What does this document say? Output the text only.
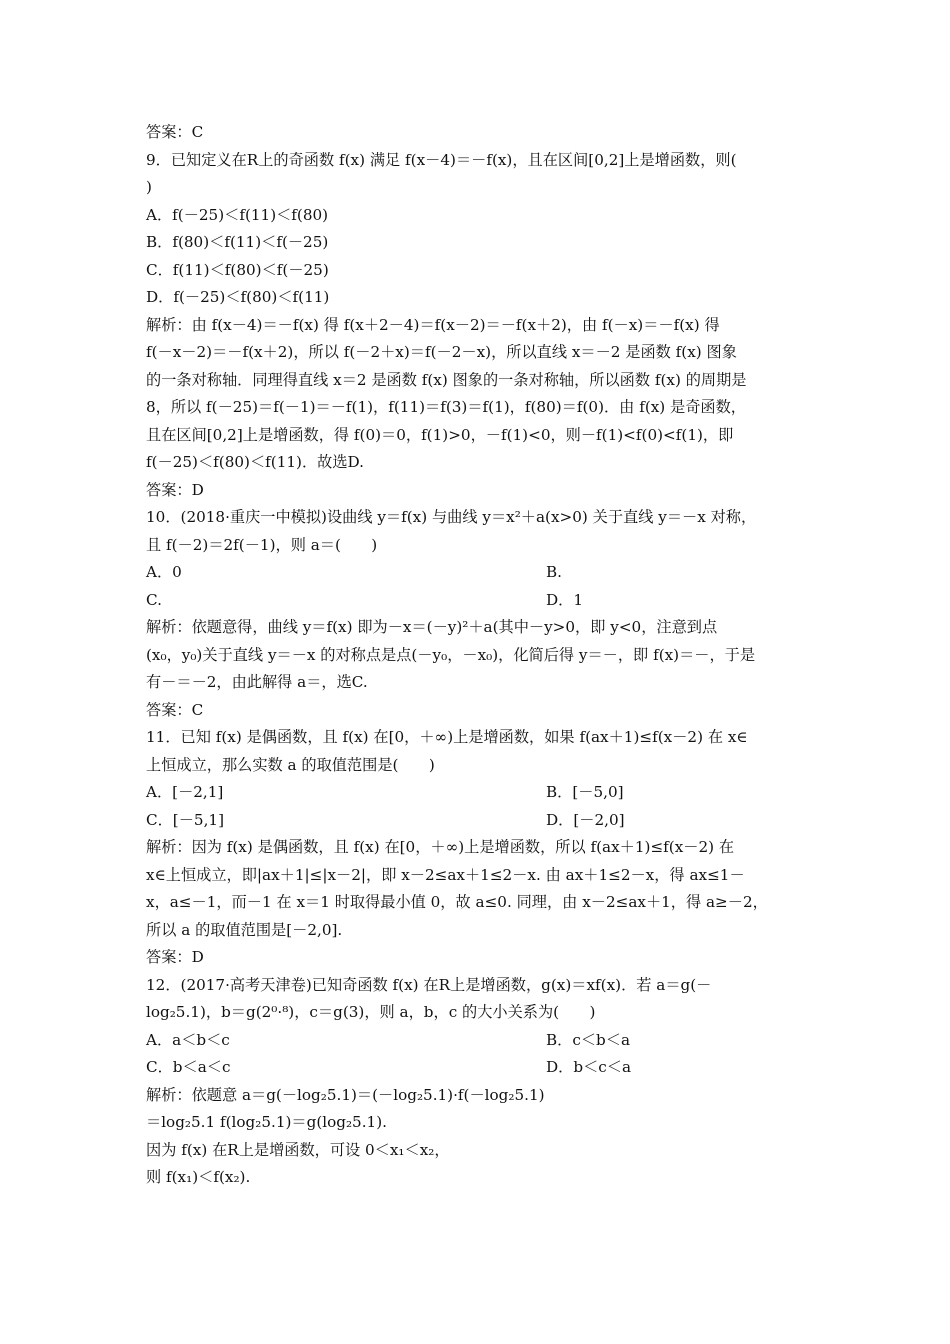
答案：C
9．已知定义在R上的奇函数 f(x) 满足 f(x－4)＝－f(x)，且在区间[0,2]上是增函数，则(
)
A．f(－25)＜f(11)＜f(80)
B．f(80)＜f(11)＜f(－25)
C．f(11)＜f(80)＜f(－25)
D．f(－25)＜f(80)＜f(11)
解析：由 f(x－4)＝－f(x) 得 f(x＋2－4)＝f(x－2)＝－f(x＋2)，由 f(－x)＝－f(x) 得
f(－x－2)＝－f(x＋2)，所以 f(－2＋x)＝f(－2－x)，所以直线 x＝－2 是函数 f(x) 图象
的一条对称轴．同理得直线 x＝2 是函数 f(x) 图象的一条对称轴，所以函数 f(x) 的周期是
8，所以 f(－25)＝f(－1)＝－f(1)，f(11)＝f(3)＝f(1)，f(80)＝f(0)．由 f(x) 是奇函数，
且在区间[0,2]上是增函数，得 f(0)＝0，f(1)>0，－f(1)<0，则－f(1)<f(0)<f(1)，即
f(－25)＜f(80)＜f(11)．故选D.
答案：D
10．(2018·重庆一中模拟)设曲线 y＝f(x) 与曲线 y＝x²＋a(x>0) 关于直线 y＝－x 对称，
且 f(－2)＝2f(－1)，则 a＝(　　)
A．0	B.
C.	D．1
解析：依题意得，曲线 y＝f(x) 即为－x＝(－y)²＋a(其中－y>0，即 y<0，注意到点
(x₀，y₀)关于直线 y＝－x 的对称点是点(－y₀，－x₀)，化简后得 y＝－，即 f(x)＝－，于是
有－＝－2，由此解得 a＝，选C.
答案：C
11．已知 f(x) 是偶函数，且 f(x) 在[0，＋∞)上是增函数，如果 f(ax＋1)≤f(x－2) 在 x∈
上恒成立，那么实数 a 的取值范围是(　　)
A．[－2,1]	B．[－5,0]
C．[－5,1]	D．[－2,0]
解析：因为 f(x) 是偶函数，且 f(x) 在[0，＋∞)上是增函数，所以 f(ax＋1)≤f(x－2) 在
x∈上恒成立，即|ax＋1|≤|x－2|，即 x－2≤ax＋1≤2－x. 由 ax＋1≤2－x，得 ax≤1－
x，a≤－1，而－1 在 x＝1 时取得最小值 0，故 a≤0. 同理，由 x－2≤ax＋1，得 a≥－2，
所以 a 的取值范围是[－2,0].
答案：D
12．(2017·高考天津卷)已知奇函数 f(x) 在R上是增函数，g(x)＝xf(x)．若 a＝g(－
log₂5.1)，b＝g(2⁰·⁸)，c＝g(3)，则 a，b，c 的大小关系为(　　)
A．a＜b＜c	B．c＜b＜a
C．b＜a＜c	D．b＜c＜a
解析：依题意 a＝g(－log₂5.1)＝(－log₂5.1)·f(－log₂5.1)
＝log₂5.1 f(log₂5.1)＝g(log₂5.1).
因为 f(x) 在R上是增函数，可设 0＜x₁＜x₂，
则 f(x₁)＜f(x₂).
